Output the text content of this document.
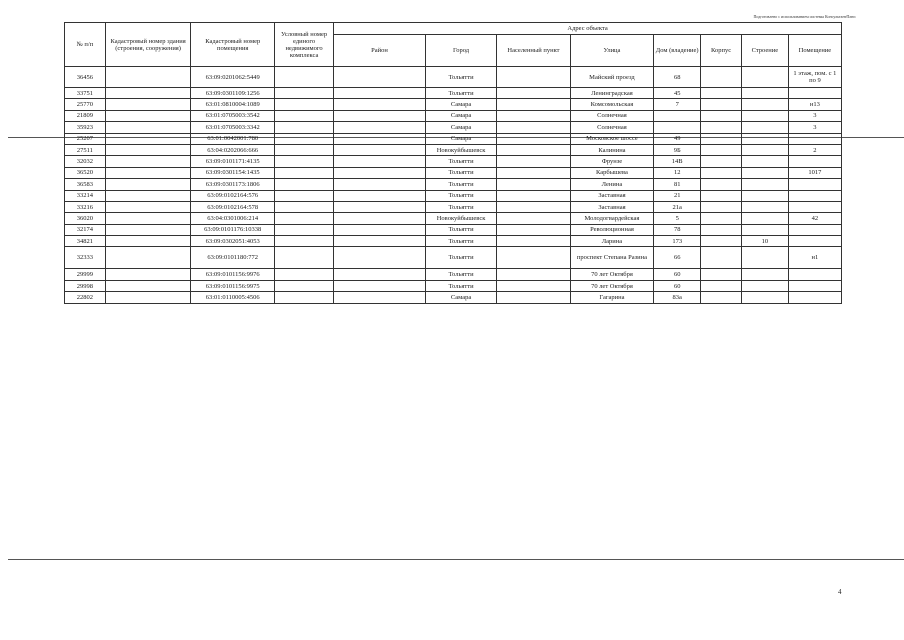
Подготовлено с использованием системы КонсультантПлюс
№ п/п	Кадастровый номер здания (строения, сооружения)	Кадастровый номер помещения	Условный номер единого недвижимого комплекса	Адрес объекта							
				Район	Город	Населенный пункт	Улица	Дом (владение)	Корпус	Строение	Помещение
36456		63:09:0201062:5449			Тольятти		Майский проезд	68			1 этаж, пом. с 1 по 9
33751		63:09:0301109:1256			Тольятти		Ленинградская	45			
25770		63:01:0810004:1089			Самара		Комсомольская	7			н13
21809		63:01:0705003:3542			Самара		Солнечная				3
35923		63:01:0705003:3342			Самара		Солнечная				3
25207		63:01:0042001:780			Самара		Московское шоссе	49			
27511		63:04:0202066:666			Новокуйбышевск		Калинина	9Б			2
32032		63:09:0101171:4135			Тольятти		Фрунзе	14В			
36520		63:09:0301154:1435			Тольятти		Карбышева	12			1017
36583		63:09:0301173:1806			Тольятти		Ленина	81			
33214		63:09:0102164:576			Тольятти		Заставная	21			
33216		63:09:0102164:578			Тольятти		Заставная	21а			
36020		63:04:0301006:214			Новокуйбышевск		Молодогвардейская	5			42
32174		63:09:0101176:10338			Тольятти		Революционная	78			
34821		63:09:0302051:4053			Тольятти		Ларина	173		10	
32333		63:09:0101180:772			Тольятти		проспект Степана Разина	66			н1
29999		63:09:0101156:9976			Тольятти		70 лет Октября	60			
29998		63:09:0101156:9975			Тольятти		70 лет Октября	60			
22802		63:01:0110005:4506			Самара		Гагарина	83а			
4
